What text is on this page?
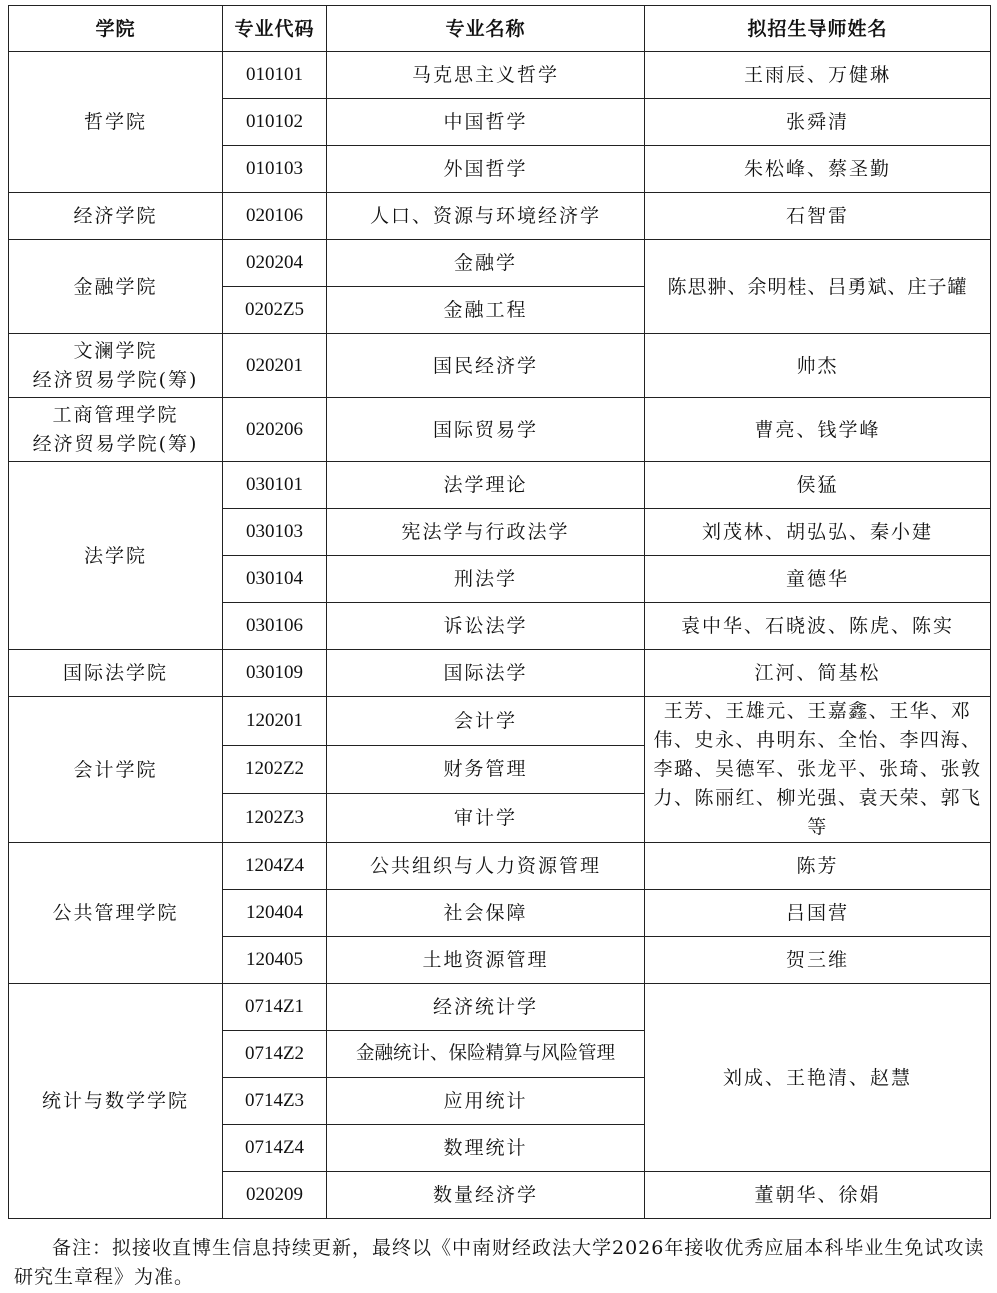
学院	专业代码	专业名称	拟招生导师姓名
哲学院	010101	马克思主义哲学	王雨辰、万健琳
	010102	中国哲学	张舜清
	010103	外国哲学	朱松峰、蔡圣勤
经济学院	020106	人口、资源与环境经济学	石智雷
金融学院	020204	金融学	陈思翀、余明桂、吕勇斌、庄子罐
	0202Z5	金融工程	

文澜学院
经济贸易学院(筹)	020201	国民经济学	帅杰

工商管理学院
经济贸易学院(筹)	020206	国际贸易学	曹亮、钱学峰
法学院	030101	法学理论	侯猛
	030103	宪法学与行政法学	刘茂林、胡弘弘、秦小建
	030104	刑法学	童德华
	030106	诉讼法学	袁中华、石晓波、陈虎、陈实
国际法学院	030109	国际法学	江河、简基松
会计学院	120201	会计学	王芳、王雄元、王嘉鑫、王华、邓伟、史永、冉明东、全怡、李四海、李璐、吴德军、张龙平、张琦、张敦力、陈丽红、柳光强、袁天荣、郭飞 等
	1202Z2	财务管理	
	1202Z3	审计学	
公共管理学院	1204Z4	公共组织与人力资源管理	陈芳
	120404	社会保障	吕国营
	120405	土地资源管理	贺三维
统计与数学学院	0714Z1	经济统计学	刘成、王艳清、赵慧
	0714Z2	金融统计、保险精算与风险管理	
	0714Z3	应用统计	
	0714Z4	数理统计	
	020209	数量经济学	董朝华、徐娟
备注：拟接收直博生信息持续更新，最终以《中南财经政法大学2026年接收优秀应届本科毕业生免试攻读研究生章程》为准。
